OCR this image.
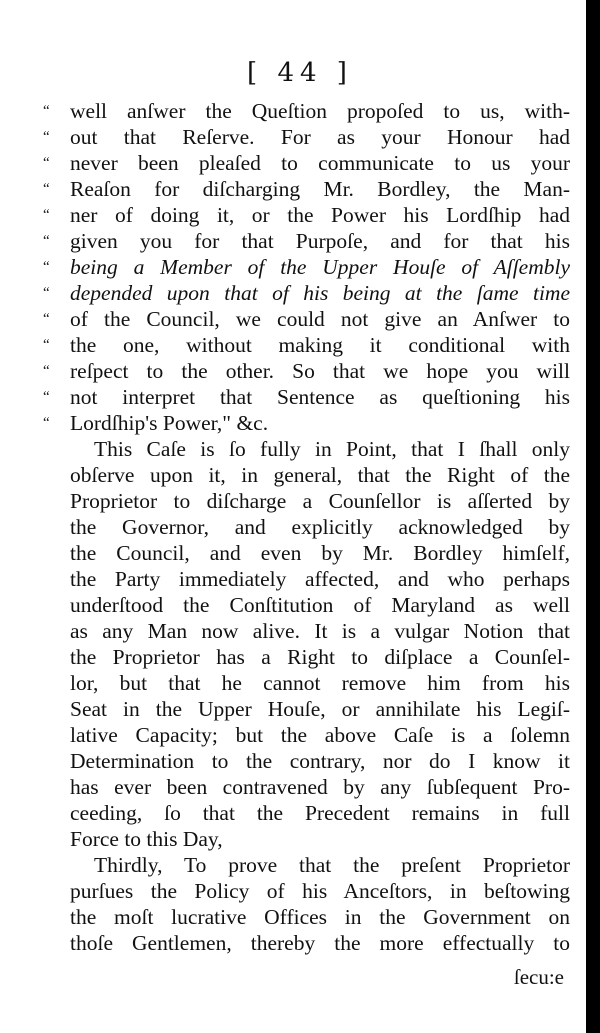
[ 44 ]
“ well anſwer the Queſtion propoſed to us, with-
“ out that Reſerve. For as your Honour had
“ never been pleaſed to communicate to us your
“ Reaſon for diſcharging Mr. Bordley, the Man-
“ ner of doing it, or the Power his Lordſhip had
“ given you for that Purpoſe, and for that his
“ being a Member of the Upper Houſe of Aſſembly
“ depended upon that of his being at the ſame time
“ of the Council, we could not give an Anſwer to
“ the one, without making it conditional with
“ reſpect to the other. So that we hope you will
“ not interpret that Sentence as queſtioning his
“ Lordſhip's Power," &c.
This Caſe is ſo fully in Point, that I ſhall only
obſerve upon it, in general, that the Right of the
Proprietor to diſcharge a Counſellor is aſſerted by
the Governor, and explicitly acknowledged by
the Council, and even by Mr. Bordley himſelf,
the Party immediately affected, and who perhaps
underſtood the Conſtitution of Maryland as well
as any Man now alive. It is a vulgar Notion that
the Proprietor has a Right to diſplace a Counſel-
lor, but that he cannot remove him from his
Seat in the Upper Houſe, or annihilate his Legiſ-
lative Capacity; but the above Caſe is a ſolemn
Determination to the contrary, nor do I know it
has ever been contravened by any ſubſequent Pro-
ceeding, ſo that the Precedent remains in full
Force to this Day,
Thirdly, To prove that the preſent Proprietor
purſues the Policy of his Anceſtors, in beſtowing
the moſt lucrative Offices in the Government on
thoſe Gentlemen, thereby the more effectually to
ſecu:e
